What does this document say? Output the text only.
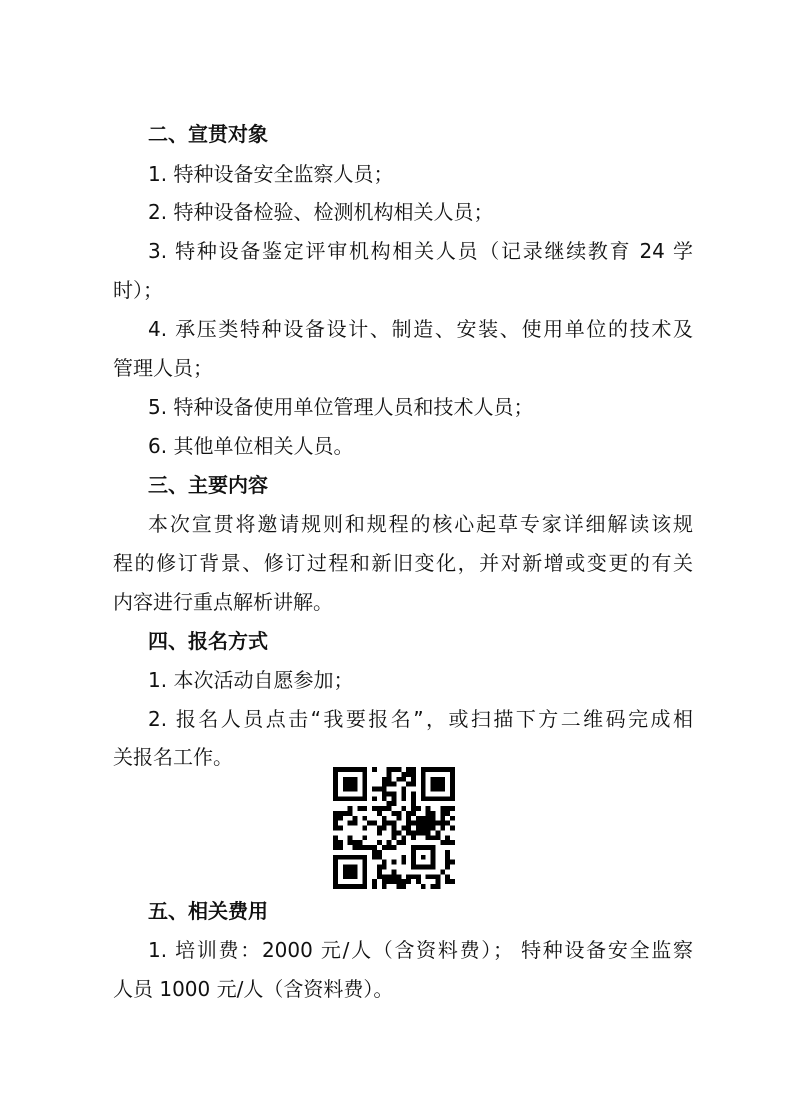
二、宣贯对象
1. 特种设备安全监察人员；
2. 特种设备检验、检测机构相关人员；
3. 特种设备鉴定评审机构相关人员（记录继续教育 24 学
时）；
4. 承压类特种设备设计、制造、安装、使用单位的技术及
管理人员；
5. 特种设备使用单位管理人员和技术人员；
6. 其他单位相关人员。
三、主要内容
本次宣贯将邀请规则和规程的核心起草专家详细解读该规
程的修订背景、修订过程和新旧变化，并对新增或变更的有关
内容进行重点解析讲解。
四、报名方式
1. 本次活动自愿参加；
2. 报名人员点击“我要报名”，或扫描下方二维码完成相
关报名工作。
五、相关费用
1. 培训费：2000 元/人（含资料费）； 特种设备安全监察
人员 1000 元/人（含资料费）。
